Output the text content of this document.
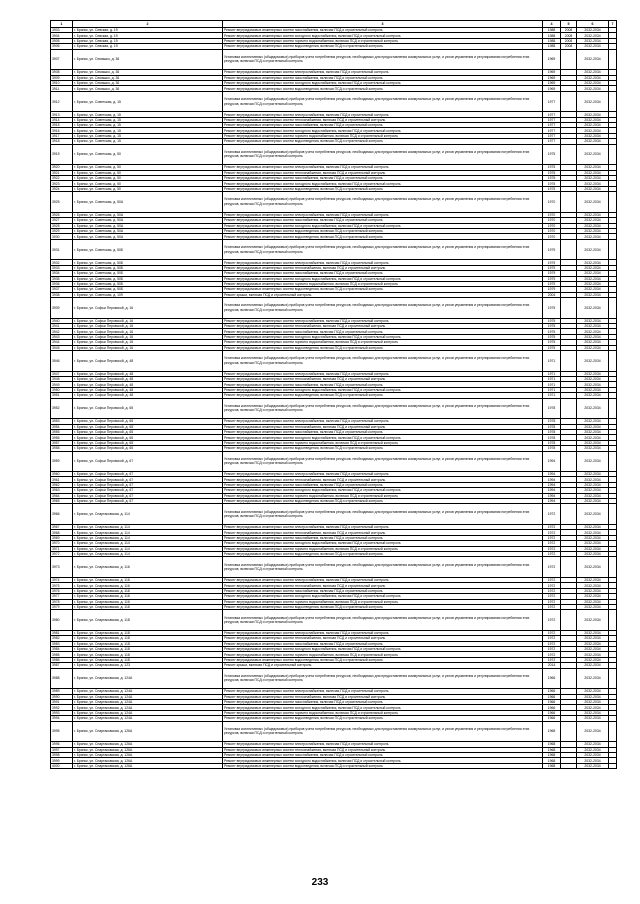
1	2	3	4	5	6	7
3903	г. Брянск, ул. Севская, д. 19	Ремонт внутридомовых инженерных систем газоснабжения, включая ПСД и строительный контроль	1988	2008	2032-2034	
3904	г. Брянск, ул. Севская, д. 19	Ремонт внутридомовых инженерных систем холодного водоснабжения, включая ПСД и строительный контроль	1988	2008	2032-2034	
3905	г. Брянск, ул. Севская, д. 19	Ремонт внутридомовых инженерных систем горячего водоснабжения, включая ПСД и строительный контроль	1988	2008	2032-2034	
3906	г. Брянск, ул. Севская, д. 19	Ремонт внутридомовых инженерных систем водоотведения, включая ПСД и строительный контроль	1988	2008	2032-2034	
3907	г. Брянск, ул. Семашко, д. 36	Установка коллективных (общедомовых) приборов учета потребления ресурсов, необходимых для предоставления коммунальных услуг, и узлов управления и регулирования потребления этих ресурсов, включая ПСД и строительный контроль	1969		2032-2034	
3908	г. Брянск, ул. Семашко, д. 36	Ремонт внутридомовых инженерных систем электроснабжения, включая ПСД и строительный контроль	1969		2032-2034	
3909	г. Брянск, ул. Семашко, д. 36	Ремонт внутридомовых инженерных систем газоснабжения, включая ПСД и строительный контроль	1969		2032-2034	
3910	г. Брянск, ул. Семашко, д. 36	Ремонт внутридомовых инженерных систем холодного водоснабжения, включая ПСД и строительный контроль	1969		2032-2034	
3911	г. Брянск, ул. Семашко, д. 36	Ремонт внутридомовых инженерных систем водоотведения, включая ПСД и строительный контроль	1969		2032-2034	
3912	г. Брянск, ул. Советская, д. 15	Установка коллективных (общедомовых) приборов учета потребления ресурсов, необходимых для предоставления коммунальных услуг, и узлов управления и регулирования потребления этих ресурсов, включая ПСД и строительный контроль	1977		2032-2034	
3913	г. Брянск, ул. Советская, д. 15	Ремонт внутридомовых инженерных систем электроснабжения, включая ПСД и строительный контроль	1977		2032-2034	
3914	г. Брянск, ул. Советская, д. 15	Ремонт внутридомовых инженерных систем теплоснабжения, включая ПСД и строительный контроль	1977		2032-2034	
3915	г. Брянск, ул. Советская, д. 15	Ремонт внутридомовых инженерных систем газоснабжения, включая ПСД и строительный контроль	1977		2032-2034	
3916	г. Брянск, ул. Советская, д. 15	Ремонт внутридомовых инженерных систем холодного водоснабжения, включая ПСД и строительный контроль	1977		2032-2034	
3917	г. Брянск, ул. Советская, д. 15	Ремонт внутридомовых инженерных систем горячего водоснабжения, включая ПСД и строительный контроль	1977		2032-2034	
3918	г. Брянск, ул. Советская, д. 15	Ремонт внутридомовых инженерных систем водоотведения, включая ПСД и строительный контроль	1977		2032-2034	
3919	г. Брянск, ул. Советская, д. 50	Установка коллективных (общедомовых) приборов учета потребления ресурсов, необходимых для предоставления коммунальных услуг, и узлов управления и регулирования потребления этих ресурсов, включая ПСД и строительный контроль	1975		2032-2034	
3920	г. Брянск, ул. Советская, д. 50	Ремонт внутридомовых инженерных систем электроснабжения, включая ПСД и строительный контроль	1975		2032-2034	
3921	г. Брянск, ул. Советская, д. 50	Ремонт внутридомовых инженерных систем теплоснабжения, включая ПСД и строительный контроль	1975		2032-2034	
3922	г. Брянск, ул. Советская, д. 50	Ремонт внутридомовых инженерных систем газоснабжения, включая ПСД и строительный контроль	1975		2032-2034	
3923	г. Брянск, ул. Советская, д. 50	Ремонт внутридомовых инженерных систем холодного водоснабжения, включая ПСД и строительный контроль	1975		2032-2034	
3924	г. Брянск, ул. Советская, д. 50	Ремонт внутридомовых инженерных систем водоотведения, включая ПСД и строительный контроль	1975		2032-2034	
3925	г. Брянск, ул. Советская, д. 50А	Установка коллективных (общедомовых) приборов учета потребления ресурсов, необходимых для предоставления коммунальных услуг, и узлов управления и регулирования потребления этих ресурсов, включая ПСД и строительный контроль	1970		2032-2034	
3926	г. Брянск, ул. Советская, д. 50А	Ремонт внутридомовых инженерных систем электроснабжения, включая ПСД и строительный контроль	1970		2032-2034	
3927	г. Брянск, ул. Советская, д. 50А	Ремонт внутридомовых инженерных систем газоснабжения, включая ПСД и строительный контроль	1970		2032-2034	
3928	г. Брянск, ул. Советская, д. 50А	Ремонт внутридомовых инженерных систем холодного водоснабжения, включая ПСД и строительный контроль	1970		2032-2034	
3929	г. Брянск, ул. Советская, д. 50А	Ремонт внутридомовых инженерных систем водоотведения, включая ПСД и строительный контроль	1970		2032-2034	
3930	г. Брянск, ул. Советская, д. 50А	Ремонт внутридомовых инженерных систем водоотведения, включая ПСД и строительный контроль	1970		2032-2034	
3931	г. Брянск, ул. Советская, д. 50Б	Установка коллективных (общедомовых) приборов учета потребления ресурсов, необходимых для предоставления коммунальных услуг, и узлов управления и регулирования потребления этих ресурсов, включая ПСД и строительный контроль	1979		2032-2034	
3932	г. Брянск, ул. Советская, д. 50Б	Ремонт внутридомовых инженерных систем электроснабжения, включая ПСД и строительный контроль	1979		2032-2034	
3933	г. Брянск, ул. Советская, д. 50Б	Ремонт внутридомовых инженерных систем теплоснабжения, включая ПСД и строительный контроль	1979		2032-2034	
3934	г. Брянск, ул. Советская, д. 50Б	Ремонт внутридомовых инженерных систем газоснабжения, включая ПСД и строительный контроль	1979		2032-2034	
3935	г. Брянск, ул. Советская, д. 50Б	Ремонт внутридомовых инженерных систем холодного водоснабжения, включая ПСД и строительный контроль	1979		2032-2034	
3936	г. Брянск, ул. Советская, д. 50Б	Ремонт внутридомовых инженерных систем горячего водоснабжения, включая ПСД и строительный контроль	1979		2032-2034	
3937	г. Брянск, ул. Советская, д. 50Б	Ремонт внутридомовых инженерных систем водоотведения, включая ПСД и строительный контроль	1979		2032-2034	
3938	г. Брянск, ул. Советская, д. 109	Ремонт крыши, включая ПСД и строительный контроль	2004		2032-2034	
3939	г. Брянск, ул. Софьи Перовской, д. 16	Установка коллективных (общедомовых) приборов учета потребления ресурсов, необходимых для предоставления коммунальных услуг, и узлов управления и регулирования потребления этих ресурсов, включая ПСД и строительный контроль	1975		2032-2034	
3940	г. Брянск, ул. Софьи Перовской, д. 16	Ремонт внутридомовых инженерных систем электроснабжения, включая ПСД и строительный контроль	1975		2032-2034	
3941	г. Брянск, ул. Софьи Перовской, д. 16	Ремонт внутридомовых инженерных систем теплоснабжения, включая ПСД и строительный контроль	1975		2032-2034	
3942	г. Брянск, ул. Софьи Перовской, д. 16	Ремонт внутридомовых инженерных систем газоснабжения, включая ПСД и строительный контроль	1975		2032-2034	
3943	г. Брянск, ул. Софьи Перовской, д. 16	Ремонт внутридомовых инженерных систем холодного водоснабжения, включая ПСД и строительный контроль	1975		2032-2034	
3944	г. Брянск, ул. Софьи Перовской, д. 16	Ремонт внутридомовых инженерных систем горячего водоснабжения, включая ПСД и строительный контроль	1975		2032-2034	
3945	г. Брянск, ул. Софьи Перовской, д. 16	Ремонт внутридомовых инженерных систем водоотведения, включая ПСД и строительный контроль	1975		2032-2034	
3946	г. Брянск, ул. Софьи Перовской, д. 48	Установка коллективных (общедомовых) приборов учета потребления ресурсов, необходимых для предоставления коммунальных услуг, и узлов управления и регулирования потребления этих ресурсов, включая ПСД и строительный контроль	1971		2032-2034	
3947	г. Брянск, ул. Софьи Перовской, д. 48	Ремонт внутридомовых инженерных систем электроснабжения, включая ПСД и строительный контроль	1971		2032-2034	
3948	г. Брянск, ул. Софьи Перовской, д. 48	Ремонт внутридомовых инженерных систем теплоснабжения, включая ПСД и строительный контроль	1971		2032-2034	
3949	г. Брянск, ул. Софьи Перовской, д. 48	Ремонт внутридомовых инженерных систем газоснабжения, включая ПСД и строительный контроль	1971		2032-2034	
3950	г. Брянск, ул. Софьи Перовской, д. 48	Ремонт внутридомовых инженерных систем холодного водоснабжения, включая ПСД и строительный контроль	1971		2032-2034	
3951	г. Брянск, ул. Софьи Перовской, д. 48	Ремонт внутридомовых инженерных систем водоотведения, включая ПСД и строительный контроль	1971		2032-2034	
3952	г. Брянск, ул. Софьи Перовской, д. 65	Установка коллективных (общедомовых) приборов учета потребления ресурсов, необходимых для предоставления коммунальных услуг, и узлов управления и регулирования потребления этих ресурсов, включая ПСД и строительный контроль	1978		2032-2034	
3953	г. Брянск, ул. Софьи Перовской, д. 65	Ремонт внутридомовых инженерных систем электроснабжения, включая ПСД и строительный контроль	1978		2032-2034	
3954	г. Брянск, ул. Софьи Перовской, д. 65	Ремонт внутридомовых инженерных систем теплоснабжения, включая ПСД и строительный контроль	1978		2032-2034	
3955	г. Брянск, ул. Софьи Перовской, д. 65	Ремонт внутридомовых инженерных систем газоснабжения, включая ПСД и строительный контроль	1978		2032-2034	
3956	г. Брянск, ул. Софьи Перовской, д. 65	Ремонт внутридомовых инженерных систем холодного водоснабжения, включая ПСД и строительный контроль	1978		2032-2034	
3957	г. Брянск, ул. Софьи Перовской, д. 65	Ремонт внутридомовых инженерных систем горячего водоснабжения, включая ПСД и строительный контроль	1978		2032-2034	
3958	г. Брянск, ул. Софьи Перовской, д. 65	Ремонт внутридомовых инженерных систем водоотведения, включая ПСД и строительный контроль	1978		2032-2034	
3959	г. Брянск, ул. Софьи Перовской, д. 67	Установка коллективных (общедомовых) приборов учета потребления ресурсов, необходимых для предоставления коммунальных услуг, и узлов управления и регулирования потребления этих ресурсов, включая ПСД и строительный контроль	1994		2032-2034	
3960	г. Брянск, ул. Софьи Перовской, д. 67	Ремонт внутридомовых инженерных систем электроснабжения, включая ПСД и строительный контроль	1994		2032-2034	
3961	г. Брянск, ул. Софьи Перовской, д. 67	Ремонт внутридомовых инженерных систем теплоснабжения, включая ПСД и строительный контроль	1994		2032-2034	
3962	г. Брянск, ул. Софьи Перовской, д. 67	Ремонт внутридомовых инженерных систем газоснабжения, включая ПСД и строительный контроль	1994		2032-2034	
3963	г. Брянск, ул. Софьи Перовской, д. 67	Ремонт внутридомовых инженерных систем холодного водоснабжения, включая ПСД и строительный контроль	1994		2032-2034	
3964	г. Брянск, ул. Софьи Перовской, д. 67	Ремонт внутридомовых инженерных систем горячего водоснабжения, включая ПСД и строительный контроль	1994		2032-2034	
3965	г. Брянск, ул. Софьи Перовской, д. 67	Ремонт внутридомовых инженерных систем водоотведения, включая ПСД и строительный контроль	1994		2032-2034	
3966	г. Брянск, ул. Спартаковская, д. 114	Установка коллективных (общедомовых) приборов учета потребления ресурсов, необходимых для предоставления коммунальных услуг, и узлов управления и регулирования потребления этих ресурсов, включая ПСД и строительный контроль	1972		2032-2034	
3967	г. Брянск, ул. Спартаковская, д. 114	Ремонт внутридомовых инженерных систем электроснабжения, включая ПСД и строительный контроль	1972		2032-2034	
3968	г. Брянск, ул. Спартаковская, д. 114	Ремонт внутридомовых инженерных систем теплоснабжения, включая ПСД и строительный контроль	1972		2032-2034	
3969	г. Брянск, ул. Спартаковская, д. 114	Ремонт внутридомовых инженерных систем газоснабжения, включая ПСД и строительный контроль	1972		2032-2034	
3970	г. Брянск, ул. Спартаковская, д. 114	Ремонт внутридомовых инженерных систем холодного водоснабжения, включая ПСД и строительный контроль	1972		2032-2034	
3971	г. Брянск, ул. Спартаковская, д. 114	Ремонт внутридомовых инженерных систем горячего водоснабжения, включая ПСД и строительный контроль	1972		2032-2034	
3972	г. Брянск, ул. Спартаковская, д. 114	Ремонт внутридомовых инженерных систем водоотведения, включая ПСД и строительный контроль	1972		2032-2034	
3973	г. Брянск, ул. Спартаковская, д. 116	Установка коллективных (общедомовых) приборов учета потребления ресурсов, необходимых для предоставления коммунальных услуг, и узлов управления и регулирования потребления этих ресурсов, включая ПСД и строительный контроль	1972		2032-2034	
3974	г. Брянск, ул. Спартаковская, д. 116	Ремонт внутридомовых инженерных систем электроснабжения, включая ПСД и строительный контроль	1972		2032-2034	
3975	г. Брянск, ул. Спартаковская, д. 116	Ремонт внутридомовых инженерных систем теплоснабжения, включая ПСД и строительный контроль	1972		2032-2034	
3976	г. Брянск, ул. Спартаковская, д. 116	Ремонт внутридомовых инженерных систем газоснабжения, включая ПСД и строительный контроль	1972		2032-2034	
3977	г. Брянск, ул. Спартаковская, д. 116	Ремонт внутридомовых инженерных систем холодного водоснабжения, включая ПСД и строительный контроль	1972		2032-2034	
3978	г. Брянск, ул. Спартаковская, д. 116	Ремонт внутридомовых инженерных систем горячего водоснабжения, включая ПСД и строительный контроль	1972		2032-2034	
3979	г. Брянск, ул. Спартаковская, д. 116	Ремонт внутридомовых инженерных систем водоотведения, включая ПСД и строительный контроль	1972		2032-2034	
3980	г. Брянск, ул. Спартаковская, д. 118	Установка коллективных (общедомовых) приборов учета потребления ресурсов, необходимых для предоставления коммунальных услуг, и узлов управления и регулирования потребления этих ресурсов, включая ПСД и строительный контроль	1972		2032-2034	
3981	г. Брянск, ул. Спартаковская, д. 118	Ремонт внутридомовых инженерных систем электроснабжения, включая ПСД и строительный контроль	1972		2032-2034	
3982	г. Брянск, ул. Спартаковская, д. 118	Ремонт внутридомовых инженерных систем теплоснабжения, включая ПСД и строительный контроль	1972		2032-2034	
3983	г. Брянск, ул. Спартаковская, д. 118	Ремонт внутридомовых инженерных систем газоснабжения, включая ПСД и строительный контроль	1972		2032-2034	
3984	г. Брянск, ул. Спартаковская, д. 118	Ремонт внутридомовых инженерных систем холодного водоснабжения, включая ПСД и строительный контроль	1972		2032-2034	
3985	г. Брянск, ул. Спартаковская, д. 118	Ремонт внутридомовых инженерных систем горячего водоснабжения, включая ПСД и строительный контроль	1972		2032-2034	
3986	г. Брянск, ул. Спартаковская, д. 118	Ремонт внутридомовых инженерных систем водоотведения, включая ПСД и строительный контроль	1972		2032-2034	
3987	г. Брянск, ул. Спартаковская, д. 123	Ремонт крыши, включая ПСД и строительный контроль	2014		2032-2034	
3988	г. Брянск, ул. Спартаковская, д. 124А	Установка коллективных (общедомовых) приборов учета потребления ресурсов, необходимых для предоставления коммунальных услуг, и узлов управления и регулирования потребления этих ресурсов, включая ПСД и строительный контроль	1966		2032-2034	
3989	г. Брянск, ул. Спартаковская, д. 124А	Ремонт внутридомовых инженерных систем электроснабжения, включая ПСД и строительный контроль	1966		2032-2034	
3990	г. Брянск, ул. Спартаковская, д. 124А	Ремонт внутридомовых инженерных систем теплоснабжения, включая ПСД и строительный контроль	1966		2032-2034	
3991	г. Брянск, ул. Спартаковская, д. 124А	Ремонт внутридомовых инженерных систем газоснабжения, включая ПСД и строительный контроль	1966		2032-2034	
3992	г. Брянск, ул. Спартаковская, д. 124А	Ремонт внутридомовых инженерных систем холодного водоснабжения, включая ПСД и строительный контроль	1966		2032-2034	
3993	г. Брянск, ул. Спартаковская, д. 124А	Ремонт внутридомовых инженерных систем горячего водоснабжения, включая ПСД и строительный контроль	1966		2032-2034	
3994	г. Брянск, ул. Спартаковская, д. 124А	Ремонт внутридомовых инженерных систем водоотведения, включая ПСД и строительный контроль	1966		2032-2034	
3995	г. Брянск, ул. Спартаковская, д. 126А	Установка коллективных (общедомовых) приборов учета потребления ресурсов, необходимых для предоставления коммунальных услуг, и узлов управления и регулирования потребления этих ресурсов, включая ПСД и строительный контроль	1968		2032-2034	
3996	г. Брянск, ул. Спартаковская, д. 126А	Ремонт внутридомовых инженерных систем электроснабжения, включая ПСД и строительный контроль	1968		2032-2034	
3997	г. Брянск, ул. Спартаковская, д. 126А	Ремонт внутридомовых инженерных систем теплоснабжения, включая ПСД и строительный контроль	1968		2032-2034	
3998	г. Брянск, ул. Спартаковская, д. 126А	Ремонт внутридомовых инженерных систем газоснабжения, включая ПСД и строительный контроль	1968		2032-2034	
3999	г. Брянск, ул. Спартаковская, д. 126А	Ремонт внутридомовых инженерных систем холодного водоснабжения, включая ПСД и строительный контроль	1968		2032-2034	
4000	г. Брянск, ул. Спартаковская, д. 126А	Ремонт внутридомовых инженерных систем водоотведения, включая ПСД и строительный контроль	1968		2032-2034	
233
